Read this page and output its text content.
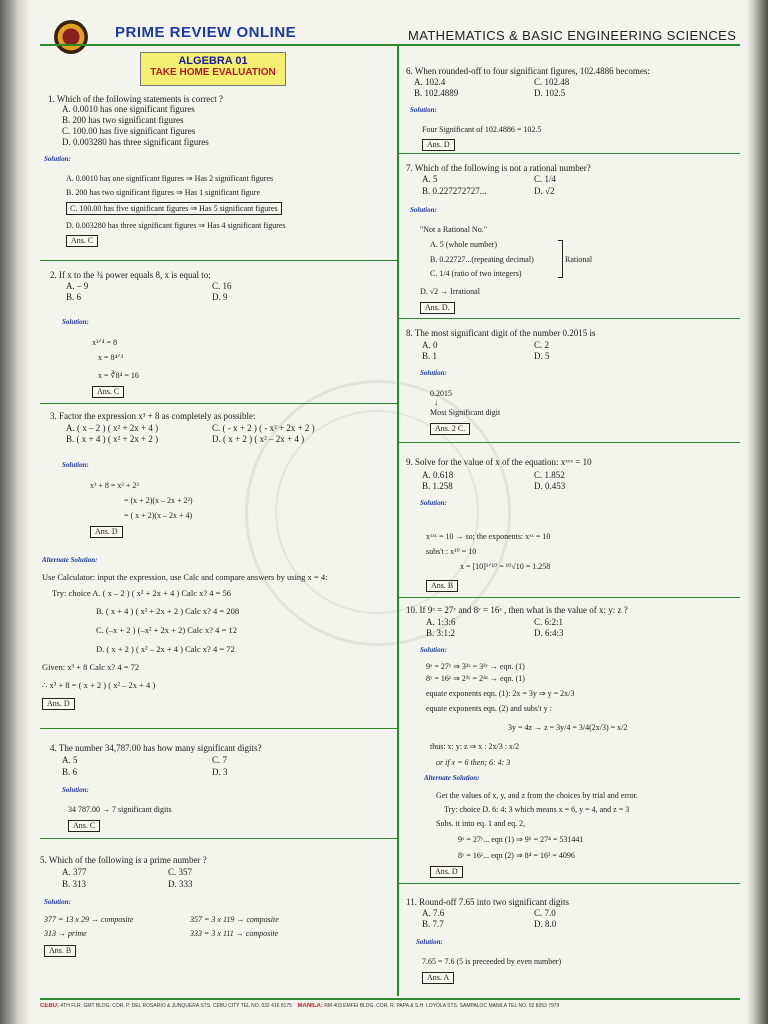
PRIME REVIEW ONLINE	MATHEMATICS & BASIC ENGINEERING SCIENCES
ALGEBRA 01
TAKE HOME EVALUATION
1. Which of the following statements is correct ?
A. 0.0010 has one significant figures
B. 200 has two significant figures
C. 100.00 has five significant figures
D. 0.003280 has three significant figures
Solution:
A. 0.0010 has one significant figures ⇒ Has 2 significant figures
B. 200 has two significant figures ⇒ Has 1 significant figure
C. 100.00 has five significant figures ⇒ Has 5 significant figures
D. 0.003280 has three significant figures ⇒ Has 4 significant figures
Ans. C
2. If x to the ¾ power equals 8, x is equal to:
A. – 9
B. 6
C. 16
D. 9
Solution:
x³ᐟ⁴ = 8
x = 8⁴ᐟ³
x = ∛8⁴ = 16
Ans. C
3. Factor the expression x³ + 8 as completely as possible:
A. ( x – 2 ) ( x² + 2x + 4 )
B. ( x + 4 ) ( x² + 2x + 2 )
C. ( - x + 2 ) ( - x² + 2x + 2 )
D. ( x + 2 ) ( x² – 2x + 4 )
Solution:
x³ + 8 = x³ + 2³
= (x + 2)(x – 2x + 2²)
= ( x + 2)(x – 2x + 4)
Ans. D
Alternate Solution:
Use Calculator: input the expression, use Calc and compare answers by using x = 4:
Try: choice A. ( x – 2 ) ( x² + 2x + 4 ) Calc x? 4 = 56
B. ( x + 4 ) ( x² + 2x + 2 ) Calc x? 4 = 208
C. (–x + 2 ) (–x² + 2x + 2) Calc x? 4 = 12
D. ( x + 2 ) ( x² – 2x + 4 ) Calc x? 4 = 72
Given: x³ + 8 Calc x? 4 = 72
∴ x³ + 8 = ( x + 2 ) ( x² – 2x + 4 )
Ans. D
4. The number 34,787.00 has how many significant digits?
A. 5
B. 6
C. 7
D. 3
Solution:
34 787.00 → 7 significant digits
Ans. C
5. Which of the following is a prime number ?
A. 377
B. 313
C. 357
D. 333
Solution:
377 = 13 x 29 → composite
313 → prime
357 = 3 x 119 → composite
333 = 3 x 111 → composite
Ans. B
6. When rounded-off to four significant figures, 102.4886 becomes:
A. 102.4
B. 102.4889
C. 102.48
D. 102.5
Solution:
Four Significant of 102.4886 = 102.5
Ans. D
7. Which of the following is not a rational number?
A. 5
B. 0.227272727...
C. 1/4
D. √2
Solution:
"Not a Rational No."
A. 5 (whole number)
B. 0.22727...(repeating decimal)
C. 1/4 (ratio of two integers)
Rational
D. √2 → Irrational
Ans. D.
8. The most significant digit of the number 0.2015 is
A. 0
B. 1
C. 2
D. 5
Solution:
0.2015
↓
Most Significant digit
Ans. 2 C.
9. Solve for the value of x of the equation: xˣˣˣ = 10
A. 0.618
B. 1.258
C. 1.852
D. 0.453
Solution:
xˣˣˣ = 10 → so; the exponents: xˣˣ = 10
subs't : x¹⁰ = 10
x = [10]¹ᐟ¹⁰ = ¹⁰√10 = 1.258
Ans. B
10. If 9ˣ = 27ʸ and 8ʸ = 16ᶻ , then what is the value of x: y: z ?
A. 1:3:6
B. 3:1:2
C. 6:2:1
D. 6:4:3
Solution:
9ˣ = 27ʸ ⇒ 3²ˣ = 3³ʸ → eqn. (1)
8ʸ = 16ᶻ ⇒ 2³ʸ = 2⁴ᶻ → eqn. (1)
equate exponents eqn. (1): 2x = 3y ⇒ y = 2x/3
equate exponents eqn. (2) and subs't y :
3y = 4z → z = 3y/4 = 3/4(2x/3) = x/2
thus: x: y: z ⇒ x : 2x/3 : x/2
or if x = 6 then; 6: 4: 3
Alternate Solution:
Get the values of x, y, and z from the choices by trial and error.
Try: choice D. 6: 4: 3 which means x = 6, y = 4, and z = 3
Subs. it into eq. 1 and eq. 2,
9ˣ = 27ʸ... eqn (1) ⇒ 9⁶ = 27⁴ = 531441
8ʸ = 16ᶻ... eqn (2) ⇒ 8⁴ = 16³ = 4096
Ans. D
11. Round-off 7.65 into two significant digits
A. 7.6
B. 7.7
C. 7.0
D. 8.0
Solution:
7.65 = 7.6 (5 is preceeded by even number)
Ans. A
CEBU: 4TH FLR. GMT BLDG. COR. P. DEL ROSARIO & JUNQUERA STS. CEBU CITY TEL NO. 032 416 8175 MANILA: RM 403 EMFEI BLDG. COR. R. PAPA & S.H. LOYOLA STS. SAMPALOC MANILA TEL NO. 02 8353 7979
